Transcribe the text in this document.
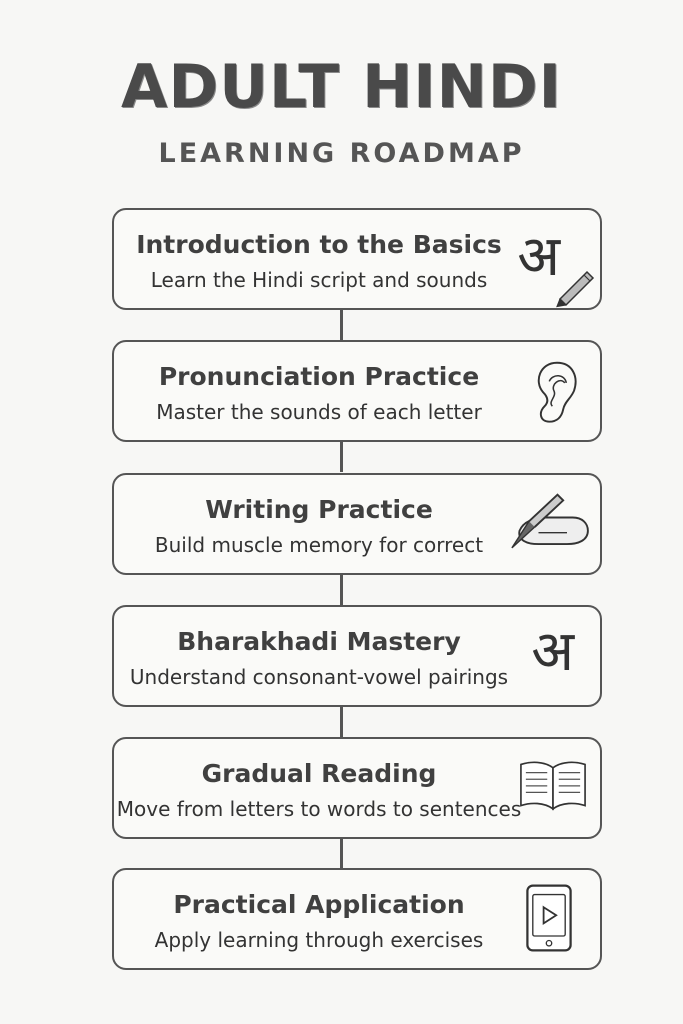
ADULT HINDI
LEARNING ROADMAP
Introduction to the Basics
Learn the Hindi script and sounds अ
Pronunciation Practice
Master the sounds of each letter
Writing Practice
Build muscle memory for correct
Bharakhadi Mastery
Understand consonant-vowel pairings अ
Gradual Reading
Move from letters to words to sentences
Practical Application
Apply learning through exercises
